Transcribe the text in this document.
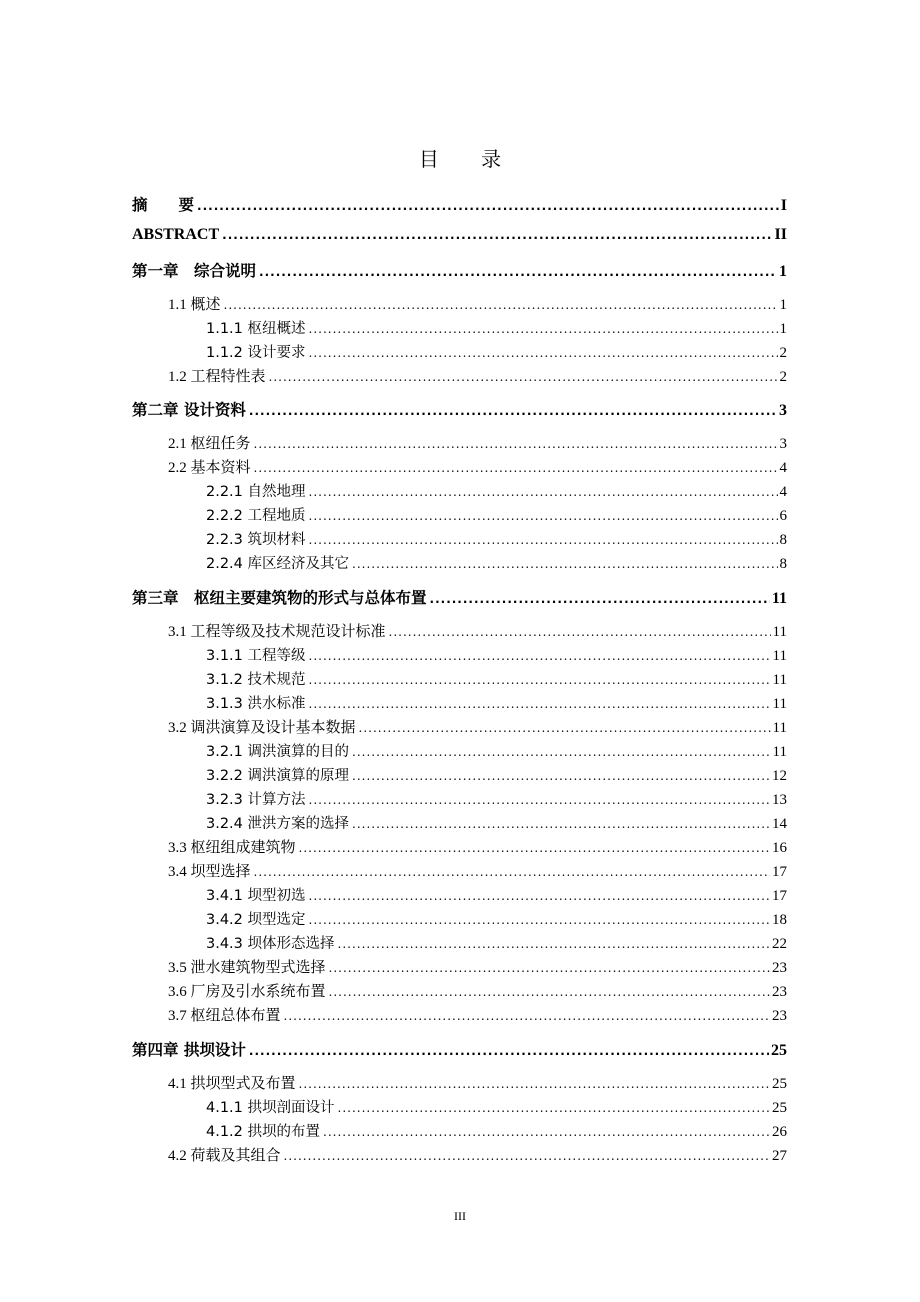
目 录
摘　　要 .....	I
ABSTRACT .....	II
第一章　综合说明 .....	1
1.1 概述 .....	1
1.1.1 枢纽概述 .....	1
1.1.2 设计要求 .....	2
1.2 工程特性表 .....	2
第二章 设计资料 .....	3
2.1 枢纽任务 .....	3
2.2 基本资料 .....	4
2.2.1 自然地理 .....	4
2.2.2 工程地质 .....	6
2.2.3 筑坝材料 .....	8
2.2.4 库区经济及其它 .....	8
第三章　枢纽主要建筑物的形式与总体布置 .....	11
3.1 工程等级及技术规范设计标准 .....	11
3.1.1 工程等级 .....	11
3.1.2 技术规范 .....	11
3.1.3 洪水标准 .....	11
3.2 调洪演算及设计基本数据 .....	11
3.2.1 调洪演算的目的 .....	11
3.2.2 调洪演算的原理 .....	12
3.2.3 计算方法 .....	13
3.2.4 泄洪方案的选择 .....	14
3.3 枢纽组成建筑物 .....	16
3.4 坝型选择 .....	17
3.4.1 坝型初选 .....	17
3.4.2 坝型选定 .....	18
3.4.3 坝体形态选择 .....	22
3.5 泄水建筑物型式选择 .....	23
3.6 厂房及引水系统布置 .....	23
3.7 枢纽总体布置 .....	23
第四章 拱坝设计 .....	25
4.1 拱坝型式及布置 .....	25
4.1.1 拱坝剖面设计 .....	25
4.1.2 拱坝的布置 .....	26
4.2 荷载及其组合 .....	27
III
